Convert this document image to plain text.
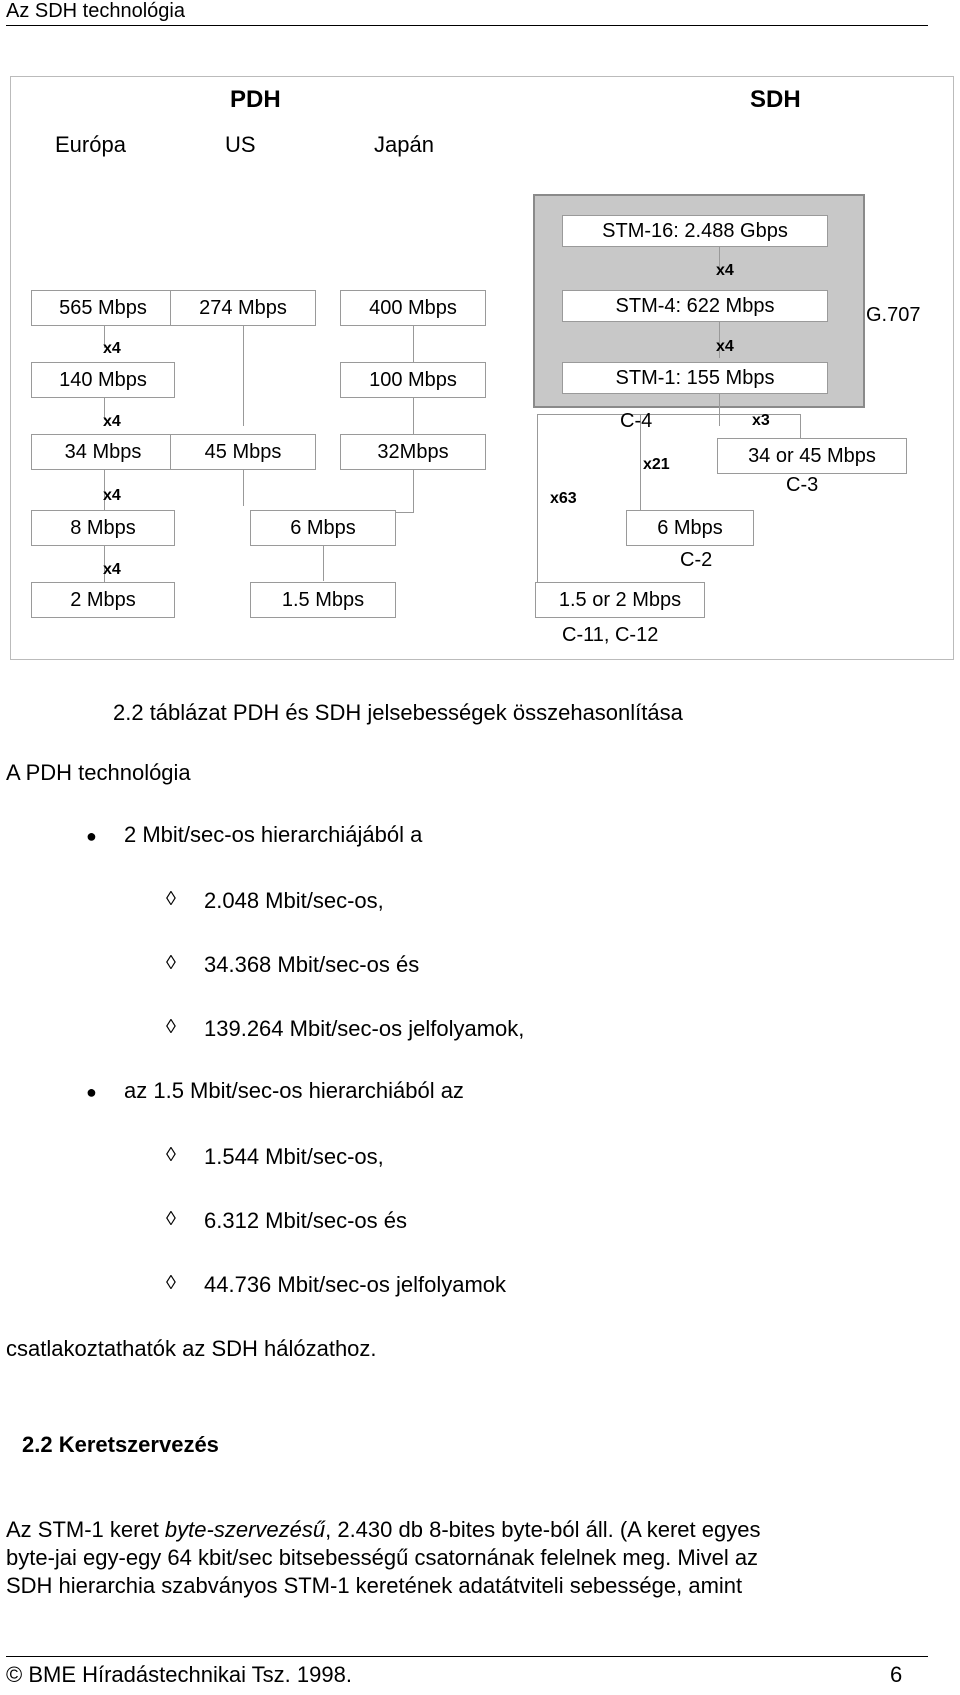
Az SDH technológia
PDH	SDH
Európa	US	Japán
565 Mbps
x4
140 Mbps
x4
34 Mbps
x4
8 Mbps
x4
2 Mbps
274 Mbps
45 Mbps
6 Mbps
1.5 Mbps
400 Mbps
100 Mbps
32Mbps
STM-16: 2.488 Gbps
x4
STM-4: 622 Mbps
x4
STM-1: 155 Mbps
G.707
C-4	x3
x21
x63
34 or 45 Mbps
C-3
6 Mbps
C-2
1.5 or 2 Mbps
C-11, C-12
2.2 táblázat PDH és SDH jelsebességek összehasonlítása
A PDH technológia
● 2 Mbit/sec-os hierarchiájából a
◊ 2.048 Mbit/sec-os,
◊ 34.368 Mbit/sec-os és
◊ 139.264 Mbit/sec-os jelfolyamok,
● az 1.5 Mbit/sec-os hierarchiából az
◊ 1.544 Mbit/sec-os,
◊ 6.312 Mbit/sec-os és
◊ 44.736 Mbit/sec-os jelfolyamok
csatlakoztathatók az SDH hálózathoz.
2.2 Keretszervezés
Az STM-1 keret byte-szervezésű, 2.430 db 8-bites byte-ból áll. (A keret egyes
byte-jai egy-egy 64 kbit/sec bitsebességű csatornának felelnek meg. Mivel az
SDH hierarchia szabványos STM-1 keretének adatátviteli sebessége, amint
© BME Híradástechnikai Tsz. 1998.	6
